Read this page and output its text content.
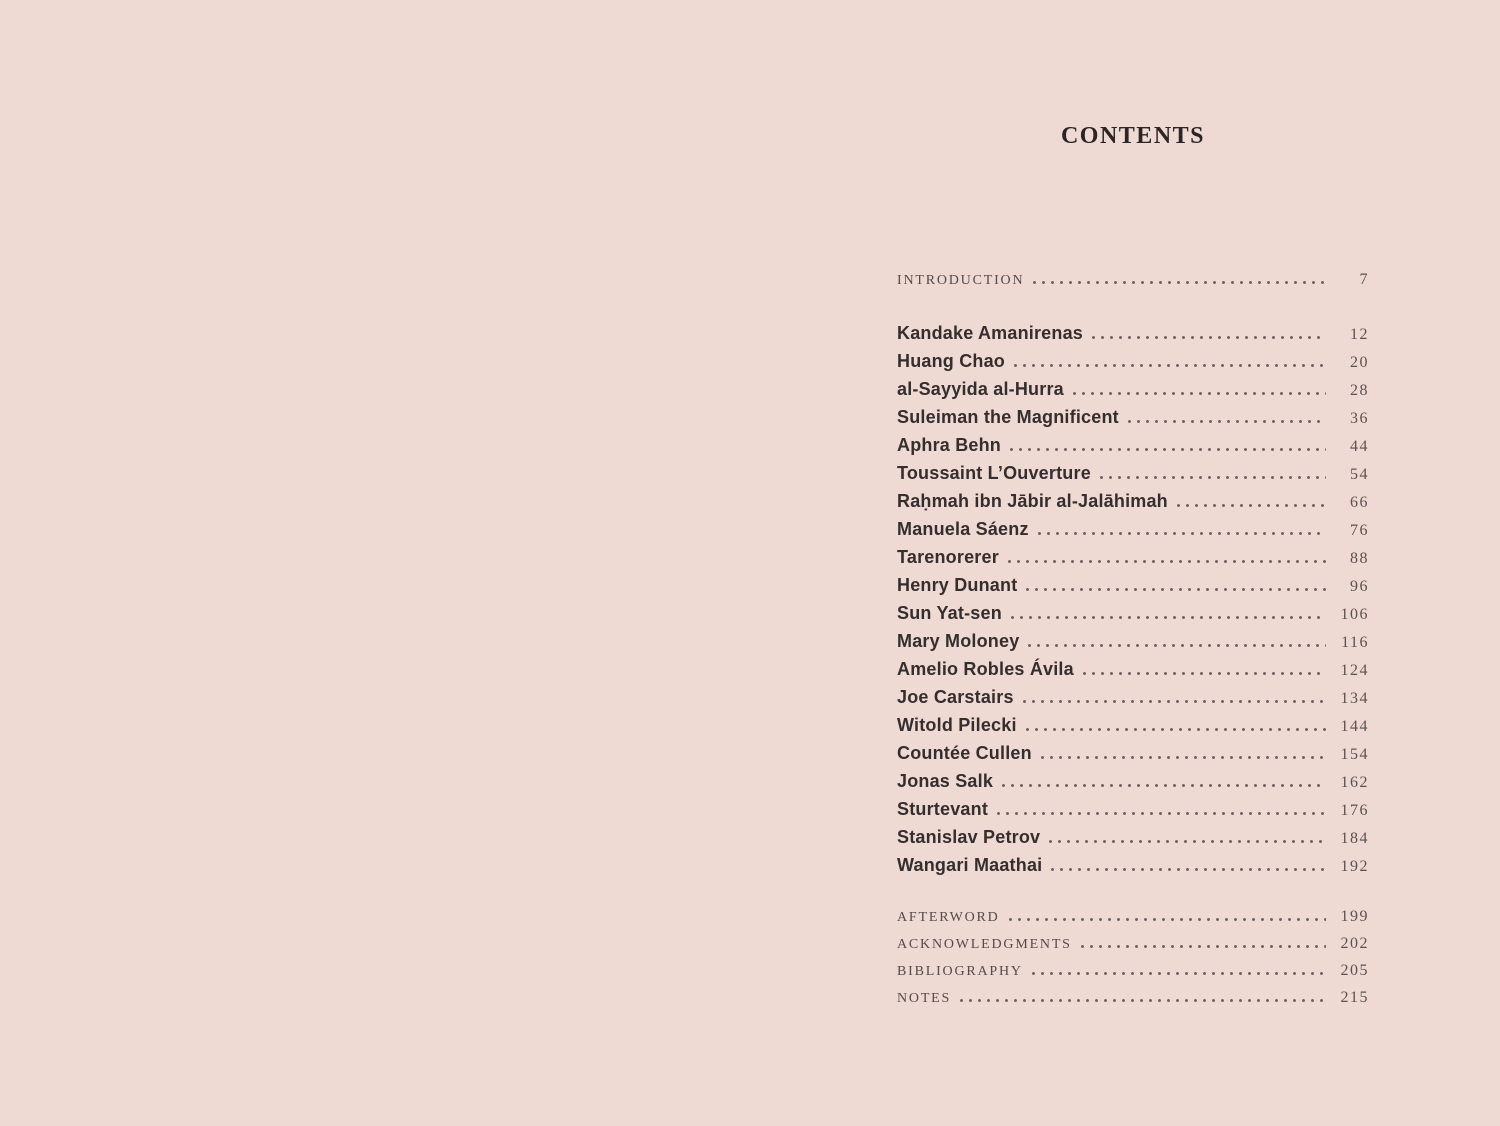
CONTENTS
INTRODUCTION	7
Kandake Amanirenas	12
Huang Chao	20
al-Sayyida al-Hurra	28
Suleiman the Magnificent	36
Aphra Behn	44
Toussaint L’Ouverture	54
Raḥmah ibn Jābir al-Jalāhimah	66
Manuela Sáenz	76
Tarenorerer	88
Henry Dunant	96
Sun Yat-sen	106
Mary Moloney	116
Amelio Robles Ávila	124
Joe Carstairs	134
Witold Pilecki	144
Countée Cullen	154
Jonas Salk	162
Sturtevant	176
Stanislav Petrov	184
Wangari Maathai	192
AFTERWORD	199
ACKNOWLEDGMENTS	202
BIBLIOGRAPHY	205
NOTES	215
